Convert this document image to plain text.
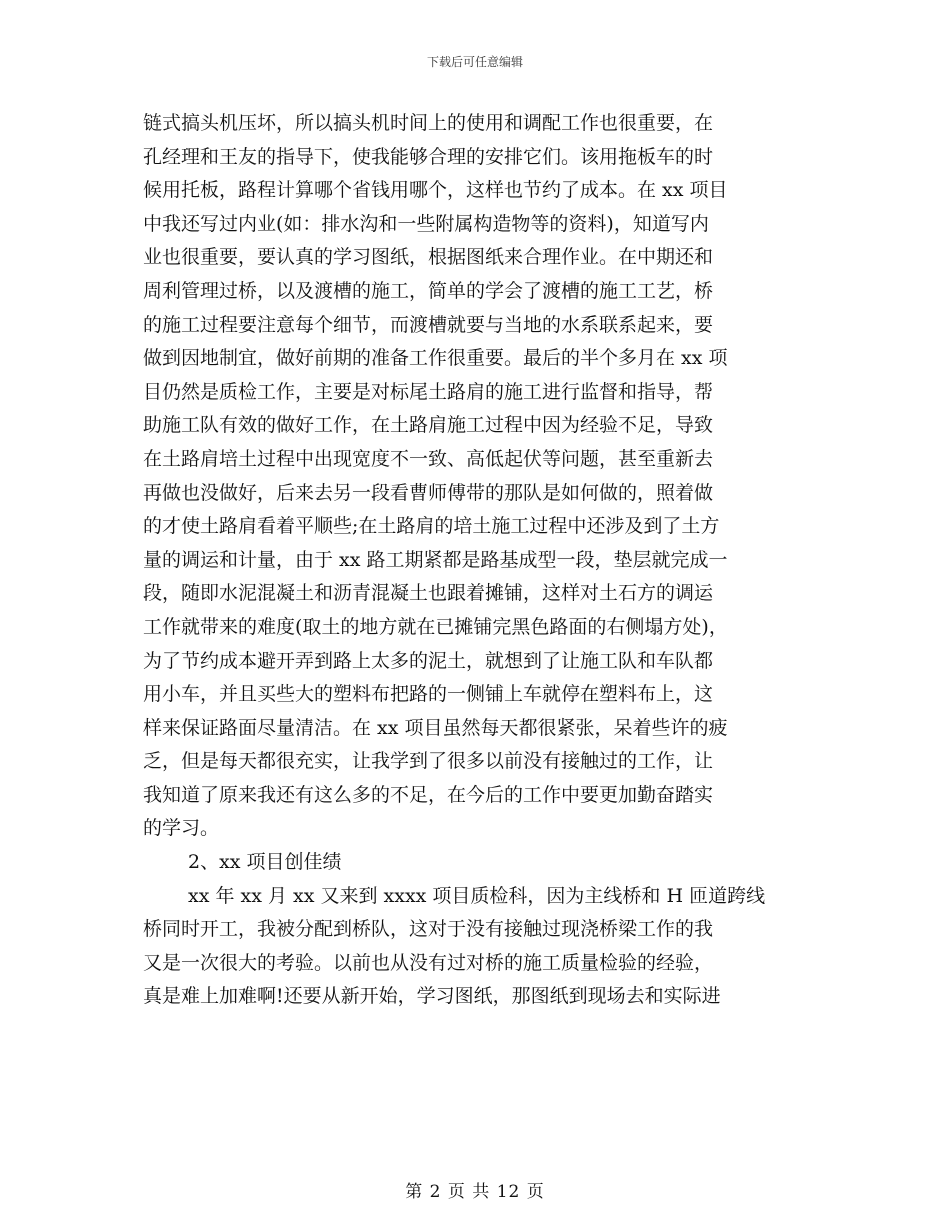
下载后可任意编辑
链式搞头机压坏，所以搞头机时间上的使用和调配工作也很重要，在
孔经理和王友的指导下，使我能够合理的安排它们。该用拖板车的时
候用托板，路程计算哪个省钱用哪个，这样也节约了成本。在 xx 项目
中我还写过内业(如：排水沟和一些附属构造物等的资料)，知道写内
业也很重要，要认真的学习图纸，根据图纸来合理作业。在中期还和
周利管理过桥，以及渡槽的施工，简单的学会了渡槽的施工工艺，桥
的施工过程要注意每个细节，而渡槽就要与当地的水系联系起来，要
做到因地制宜，做好前期的准备工作很重要。最后的半个多月在 xx 项
目仍然是质检工作，主要是对标尾土路肩的施工进行监督和指导，帮
助施工队有效的做好工作，在土路肩施工过程中因为经验不足，导致
在土路肩培土过程中出现宽度不一致、高低起伏等问题，甚至重新去
再做也没做好，后来去另一段看曹师傅带的那队是如何做的，照着做
的才使土路肩看着平顺些;在土路肩的培土施工过程中还涉及到了土方
量的调运和计量，由于 xx 路工期紧都是路基成型一段，垫层就完成一
段，随即水泥混凝土和沥青混凝土也跟着摊铺，这样对土石方的调运
工作就带来的难度(取土的地方就在已摊铺完黑色路面的右侧塌方处)，
为了节约成本避开弄到路上太多的泥土，就想到了让施工队和车队都
用小车，并且买些大的塑料布把路的一侧铺上车就停在塑料布上，这
样来保证路面尽量清洁。在 xx 项目虽然每天都很紧张，呆着些许的疲
乏，但是每天都很充实，让我学到了很多以前没有接触过的工作，让
我知道了原来我还有这么多的不足，在今后的工作中要更加勤奋踏实
的学习。
2、xx 项目创佳绩
xx 年 xx 月 xx 又来到 xxxx 项目质检科，因为主线桥和 H 匝道跨线
桥同时开工，我被分配到桥队，这对于没有接触过现浇桥梁工作的我
又是一次很大的考验。以前也从没有过对桥的施工质量检验的经验，
真是难上加难啊!还要从新开始，学习图纸，那图纸到现场去和实际进
第 2 页 共 12 页
